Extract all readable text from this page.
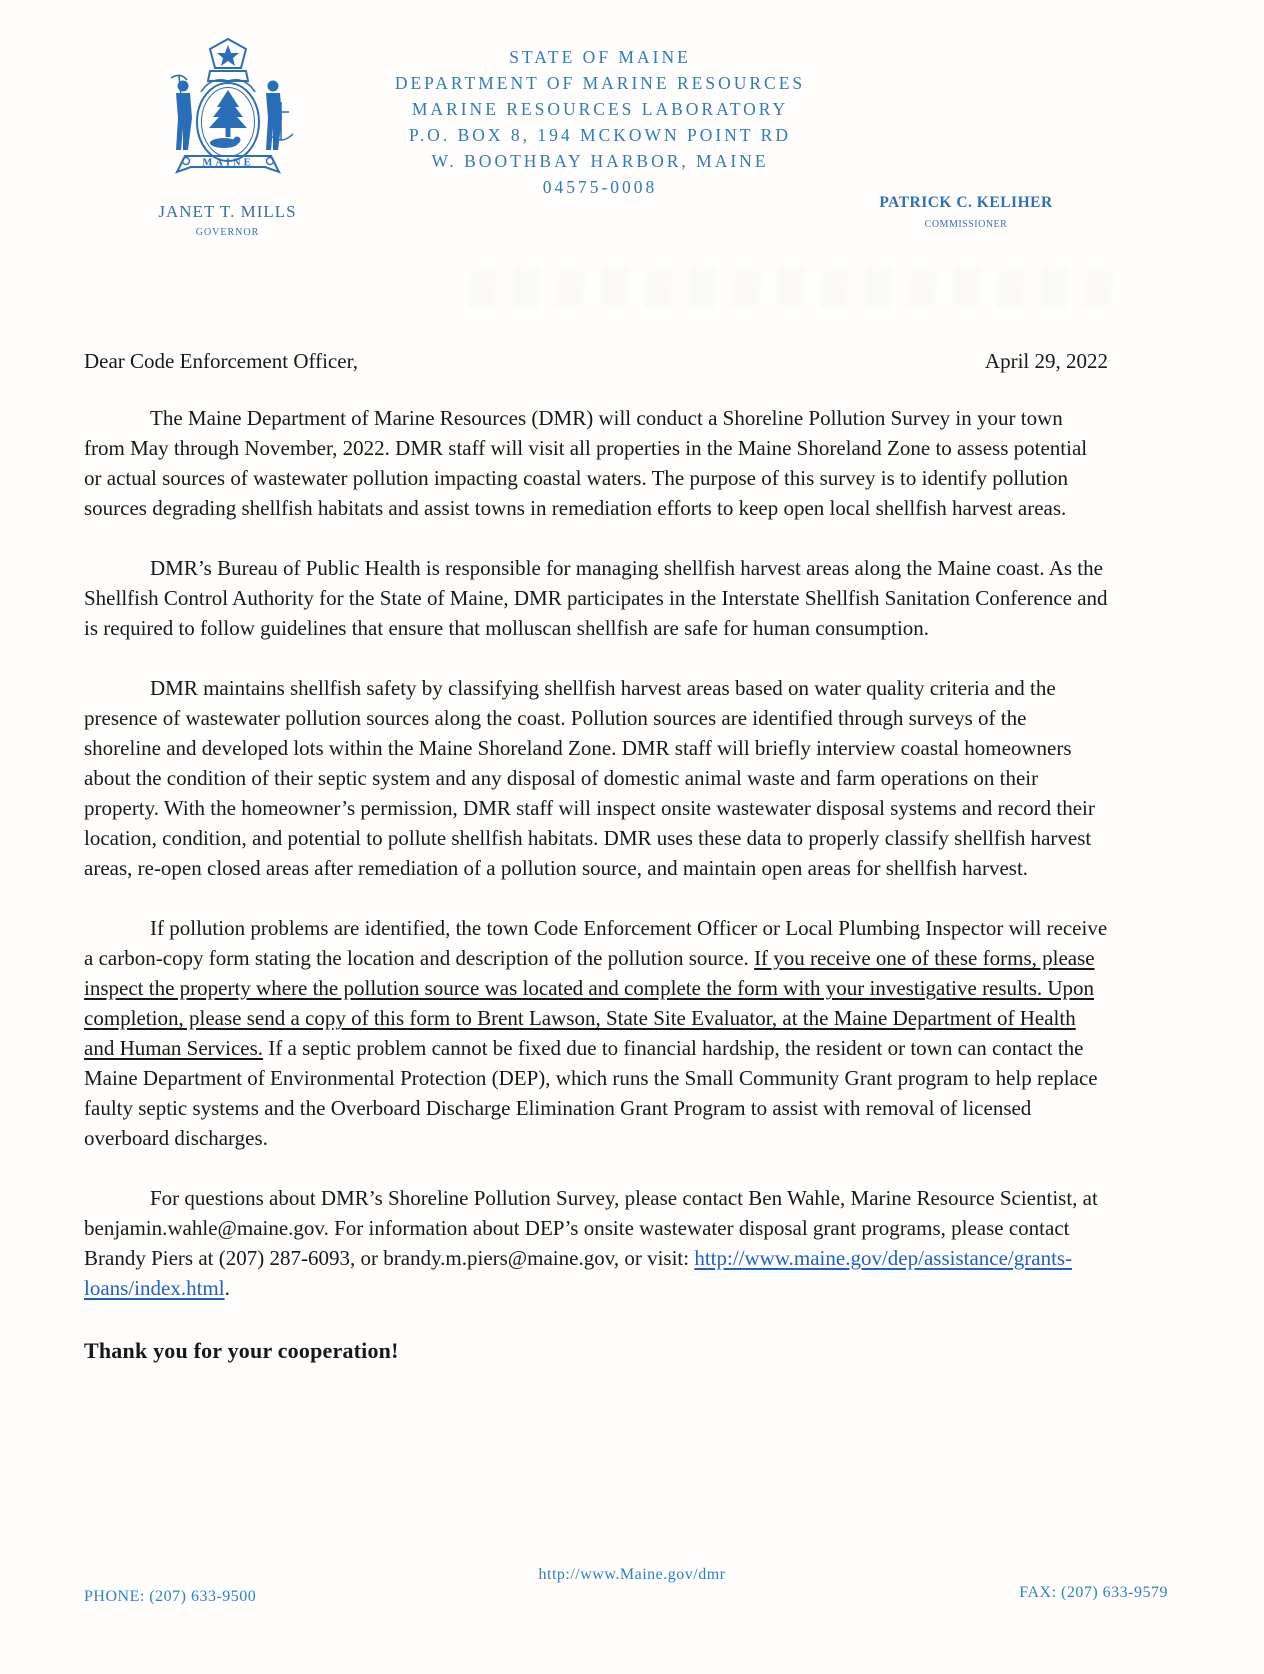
MAINE
JANET T. MILLS
GOVERNOR
STATE OF MAINE
DEPARTMENT OF MARINE RESOURCES
MARINE RESOURCES LABORATORY
P.O. BOX 8, 194 MCKOWN POINT RD
W. BOOTHBAY HARBOR, MAINE
04575-0008
PATRICK C. KELIHER
COMMISSIONER
Dear Code Enforcement Officer,	April 29, 2022

The Maine Department of Marine Resources (DMR) will conduct a Shoreline Pollution Survey in your town from May through November, 2022. DMR staff will visit all properties in the Maine Shoreland Zone to assess potential or actual sources of wastewater pollution impacting coastal waters. The purpose of this survey is to identify pollution sources degrading shellfish habitats and assist towns in remediation efforts to keep open local shellfish harvest areas.

DMR’s Bureau of Public Health is responsible for managing shellfish harvest areas along the Maine coast. As the Shellfish Control Authority for the State of Maine, DMR participates in the Interstate Shellfish Sanitation Conference and is required to follow guidelines that ensure that molluscan shellfish are safe for human consumption.

DMR maintains shellfish safety by classifying shellfish harvest areas based on water quality criteria and the presence of wastewater pollution sources along the coast. Pollution sources are identified through surveys of the shoreline and developed lots within the Maine Shoreland Zone. DMR staff will briefly interview coastal homeowners about the condition of their septic system and any disposal of domestic animal waste and farm operations on their property. With the homeowner’s permission, DMR staff will inspect onsite wastewater disposal systems and record their location, condition, and potential to pollute shellfish habitats. DMR uses these data to properly classify shellfish harvest areas, re-open closed areas after remediation of a pollution source, and maintain open areas for shellfish harvest.

If pollution problems are identified, the town Code Enforcement Officer or Local Plumbing Inspector will receive a carbon-copy form stating the location and description of the pollution source. If you receive one of these forms, please inspect the property where the pollution source was located and complete the form with your investigative results. Upon completion, please send a copy of this form to Brent Lawson, State Site Evaluator, at the Maine Department of Health and Human Services. If a septic problem cannot be fixed due to financial hardship, the resident or town can contact the Maine Department of Environmental Protection (DEP), which runs the Small Community Grant program to help replace faulty septic systems and the Overboard Discharge Elimination Grant Program to assist with removal of licensed overboard discharges.

For questions about DMR’s Shoreline Pollution Survey, please contact Ben Wahle, Marine Resource Scientist, at benjamin.wahle@maine.gov. For information about DEP’s onsite wastewater disposal grant programs, please contact Brandy Piers at (207) 287-6093, or brandy.m.piers@maine.gov, or visit: http://www.maine.gov/dep/assistance/grants-loans/index.html.

Thank you for your cooperation!
http://www.Maine.gov/dmr
PHONE: (207) 633-9500	FAX: (207) 633-9579
